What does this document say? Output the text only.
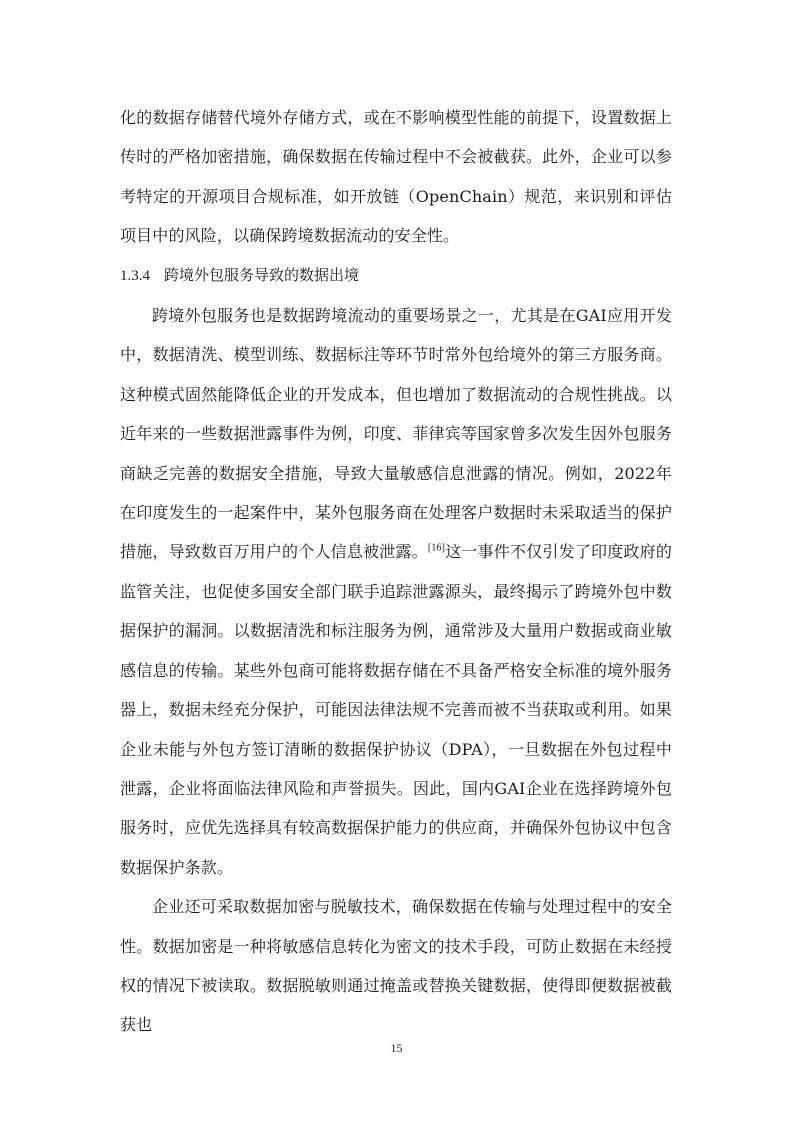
化的数据存储替代境外存储方式，或在不影响模型性能的前提下，设置数据上传时的严格加密措施，确保数据在传输过程中不会被截获。此外，企业可以参考特定的开源项目合规标准，如开放链（OpenChain）规范，来识别和评估项目中的风险，以确保跨境数据流动的安全性。

1.3.4 跨境外包服务导致的数据出境

跨境外包服务也是数据跨境流动的重要场景之一，尤其是在GAI应用开发中，数据清洗、模型训练、数据标注等环节时常外包给境外的第三方服务商。这种模式固然能降低企业的开发成本，但也增加了数据流动的合规性挑战。以近年来的一些数据泄露事件为例，印度、菲律宾等国家曾多次发生因外包服务商缺乏完善的数据安全措施，导致大量敏感信息泄露的情况。例如，2022年在印度发生的一起案件中，某外包服务商在处理客户数据时未采取适当的保护措施，导致数百万用户的个人信息被泄露。[16]这一事件不仅引发了印度政府的监管关注，也促使多国安全部门联手追踪泄露源头，最终揭示了跨境外包中数据保护的漏洞。以数据清洗和标注服务为例，通常涉及大量用户数据或商业敏感信息的传输。某些外包商可能将数据存储在不具备严格安全标准的境外服务器上，数据未经充分保护，可能因法律法规不完善而被不当获取或利用。如果企业未能与外包方签订清晰的数据保护协议（DPA），一旦数据在外包过程中泄露，企业将面临法律风险和声誉损失。因此，国内GAI企业在选择跨境外包服务时，应优先选择具有较高数据保护能力的供应商，并确保外包协议中包含数据保护条款。

企业还可采取数据加密与脱敏技术，确保数据在传输与处理过程中的安全性。数据加密是一种将敏感信息转化为密文的技术手段，可防止数据在未经授权的情况下被读取。数据脱敏则通过掩盖或替换关键数据，使得即便数据被截获也

15
